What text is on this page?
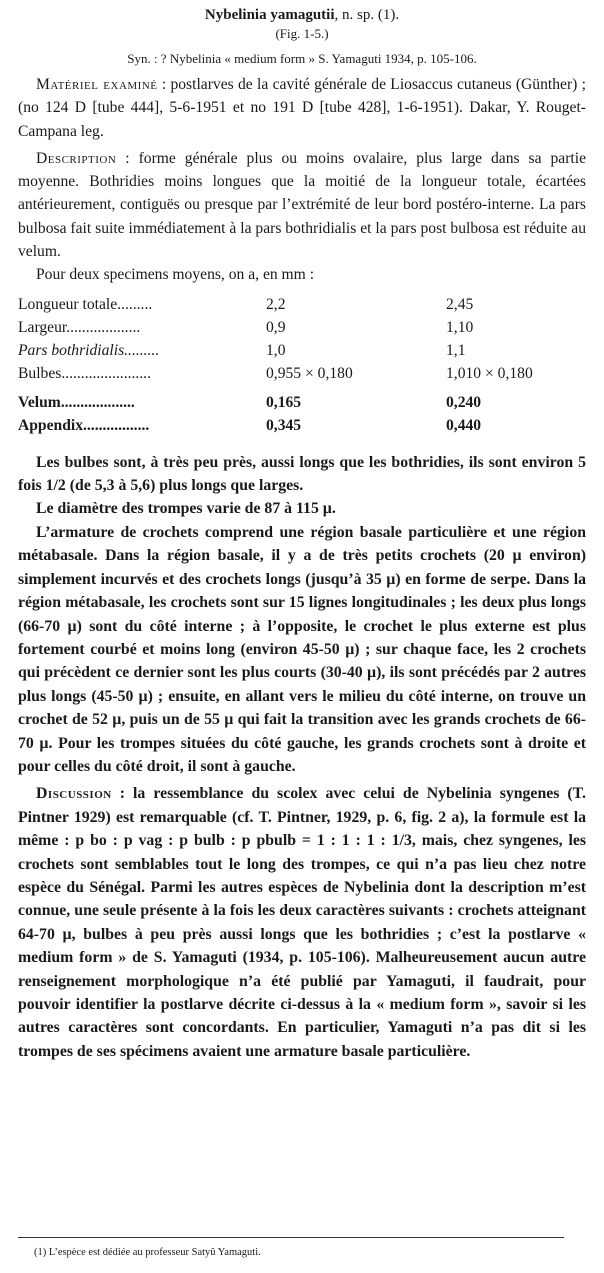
Nybelinia yamagutii, n. sp. (1).
(Fig. 1-5.)
Syn. : ? Nybelinia « medium form » S. Yamaguti 1934, p. 105-106.
Matériel examiné : postlarves de la cavité générale de Liosaccus cutaneus (Günther) ; (no 124 D [tube 444], 5-6-1951 et no 191 D [tube 428], 1-6-1951). Dakar, Y. Rouget-Campana leg.
Description : forme générale plus ou moins ovalaire, plus large dans sa partie moyenne. Bothridies moins longues que la moitié de la longueur totale, écartées antérieurement, contiguës ou presque par l’extrémité de leur bord postéro-interne. La pars bulbosa fait suite immédiatement à la pars bothridialis et la pars post bulbosa est réduite au velum.
Pour deux specimens moyens, on a, en mm :
Longueur totale.........	2,2	2,45
Largeur...................	0,9	1,10
Pars bothridialis.........	1,0	1,1
Bulbes.......................	0,955 × 0,180	1,010 × 0,180
Velum...................	0,165	0,240
Appendix.................	0,345	0,440
Les bulbes sont, à très peu près, aussi longs que les bothridies, ils sont environ 5 fois 1/2 (de 5,3 à 5,6) plus longs que larges.
Le diamètre des trompes varie de 87 à 115 µ.
L’armature de crochets comprend une région basale particulière et une région métabasale. Dans la région basale, il y a de très petits crochets (20 µ environ) simplement incurvés et des crochets longs (jusqu’à 35 µ) en forme de serpe. Dans la région métabasale, les crochets sont sur 15 lignes longitudinales ; les deux plus longs (66-70 µ) sont du côté interne ; à l’opposite, le crochet le plus externe est plus fortement courbé et moins long (environ 45-50 µ) ; sur chaque face, les 2 crochets qui précèdent ce dernier sont les plus courts (30-40 µ), ils sont précédés par 2 autres plus longs (45-50 µ) ; ensuite, en allant vers le milieu du côté interne, on trouve un crochet de 52 µ, puis un de 55 µ qui fait la transition avec les grands crochets de 66-70 µ. Pour les trompes situées du côté gauche, les grands crochets sont à droite et pour celles du côté droit, il sont à gauche.
Discussion : la ressemblance du scolex avec celui de Nybelinia syngenes (T. Pintner 1929) est remarquable (cf. T. Pintner, 1929, p. 6, fig. 2 a), la formule est la même : p bo : p vag : p bulb : p pbulb = 1 : 1 : 1 : 1/3, mais, chez syngenes, les crochets sont semblables tout le long des trompes, ce qui n’a pas lieu chez notre espèce du Sénégal. Parmi les autres espèces de Nybelinia dont la description m’est connue, une seule présente à la fois les deux caractères suivants : crochets atteignant 64-70 µ, bulbes à peu près aussi longs que les bothridies ; c’est la postlarve « medium form » de S. Yamaguti (1934, p. 105-106). Malheureusement aucun autre renseignement morphologique n’a été publié par Yamaguti, il faudrait, pour pouvoir identifier la postlarve décrite ci-dessus à la « medium form », savoir si les autres caractères sont concordants. En particulier, Yamaguti n’a pas dit si les trompes de ses spécimens avaient une armature basale particulière.
(1) L’espèce est dédiée au professeur Satyû Yamaguti.
